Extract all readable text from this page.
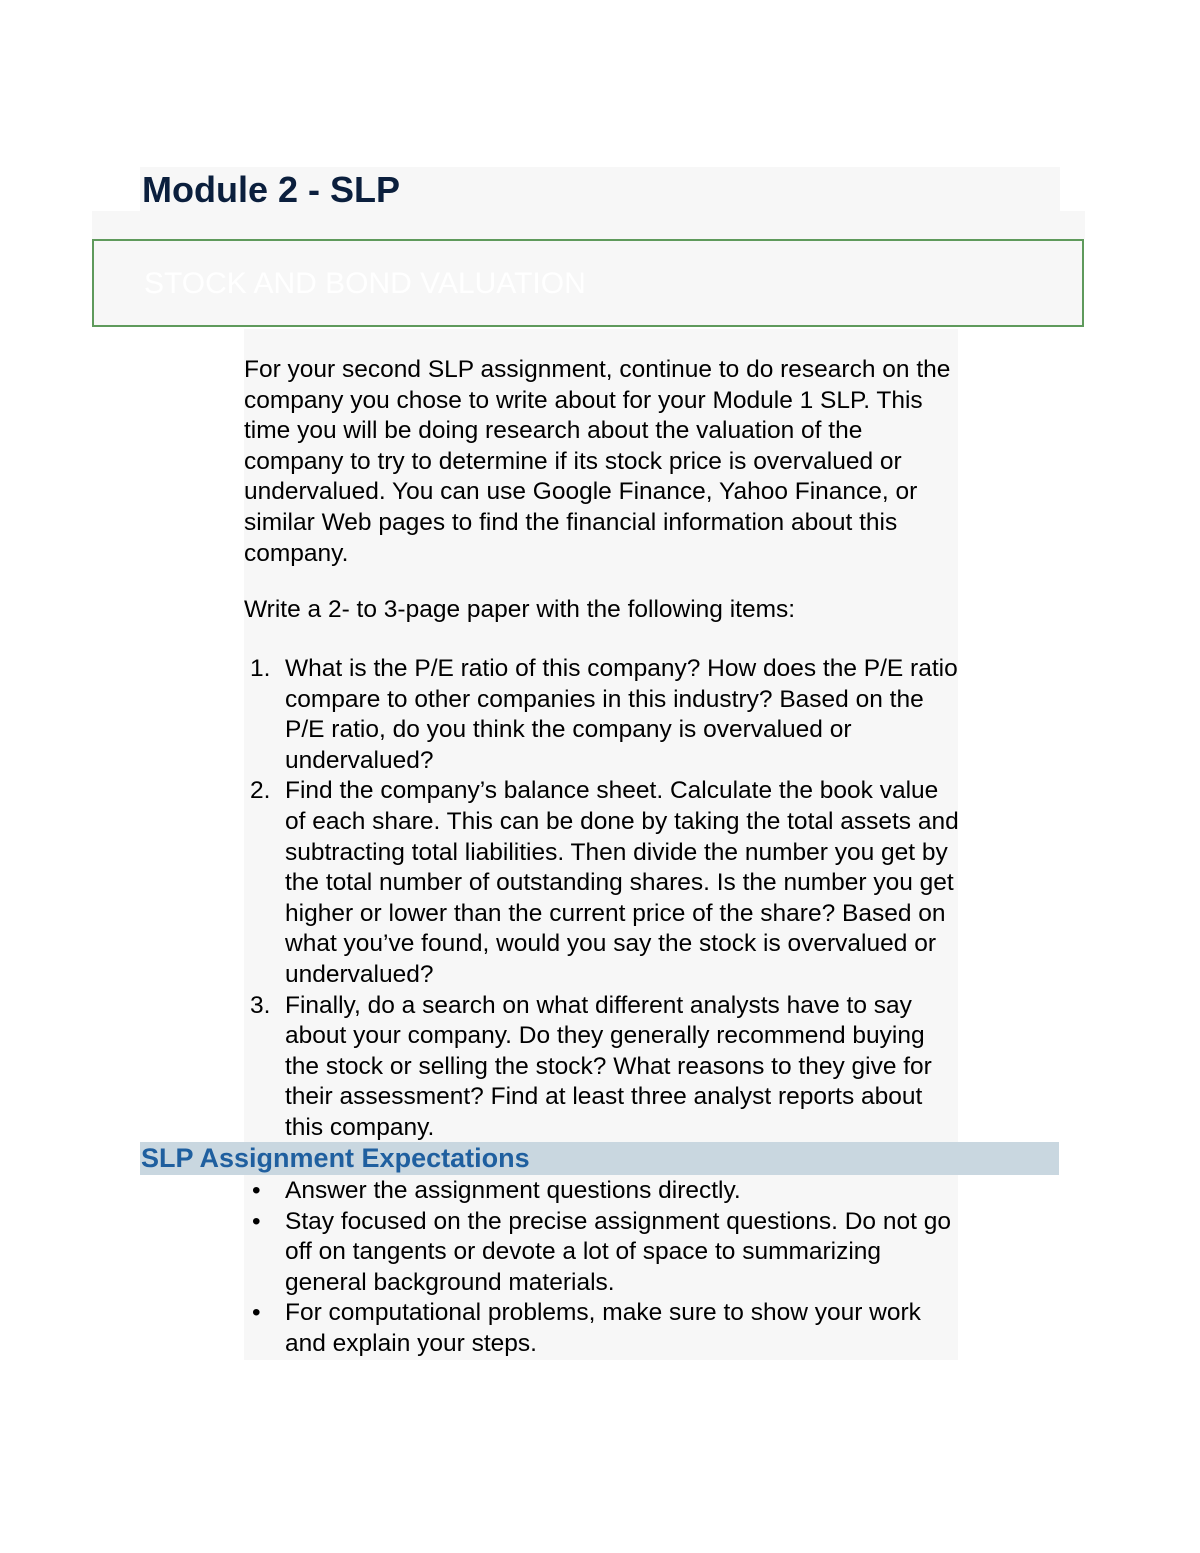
Module 2 - SLP
STOCK AND BOND VALUATION

For your second SLP assignment, continue to do research on the company you chose to write about for your Module 1 SLP. This time you will be doing research about the valuation of the company to try to determine if its stock price is overvalued or undervalued. You can use Google Finance, Yahoo Finance, or similar Web pages to find the financial information about this company.

Write a 2- to 3-page paper with the following items:

1. What is the P/E ratio of this company? How does the P/E ratio compare to other companies in this industry? Based on the P/E ratio, do you think the company is overvalued or undervalued?
2. Find the company’s balance sheet. Calculate the book value of each share. This can be done by taking the total assets and subtracting total liabilities. Then divide the number you get by the total number of outstanding shares. Is the number you get higher or lower than the current price of the share? Based on what you’ve found, would you say the stock is overvalued or undervalued?
3. Finally, do a search on what different analysts have to say about your company. Do they generally recommend buying the stock or selling the stock? What reasons to they give for their assessment? Find at least three analyst reports about this company.
SLP Assignment Expectations
• Answer the assignment questions directly.
• Stay focused on the precise assignment questions. Do not go off on tangents or devote a lot of space to summarizing general background materials.
• For computational problems, make sure to show your work and explain your steps.
